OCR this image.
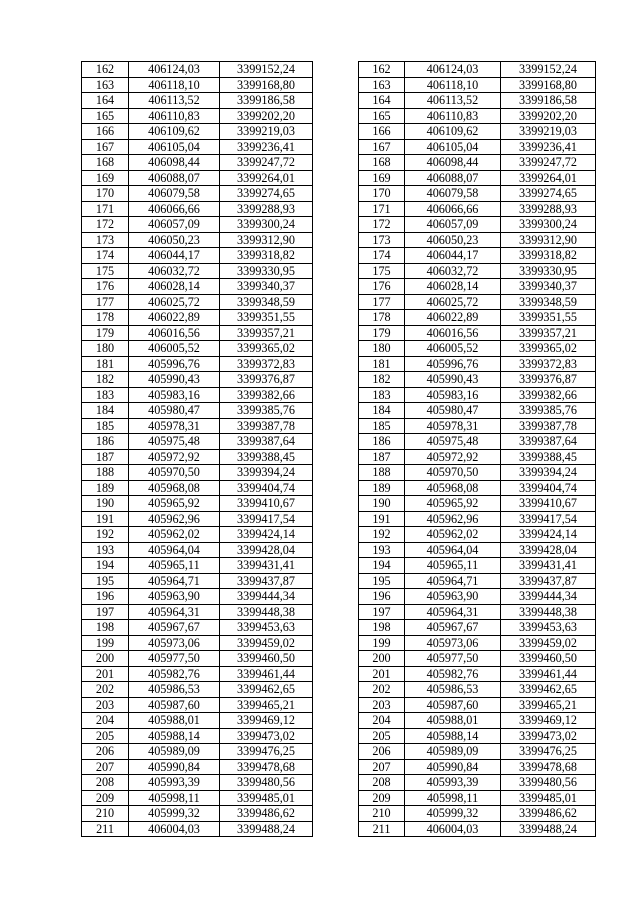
162	406124,03	3399152,24
163	406118,10	3399168,80
164	406113,52	3399186,58
165	406110,83	3399202,20
166	406109,62	3399219,03
167	406105,04	3399236,41
168	406098,44	3399247,72
169	406088,07	3399264,01
170	406079,58	3399274,65
171	406066,66	3399288,93
172	406057,09	3399300,24
173	406050,23	3399312,90
174	406044,17	3399318,82
175	406032,72	3399330,95
176	406028,14	3399340,37
177	406025,72	3399348,59
178	406022,89	3399351,55
179	406016,56	3399357,21
180	406005,52	3399365,02
181	405996,76	3399372,83
182	405990,43	3399376,87
183	405983,16	3399382,66
184	405980,47	3399385,76
185	405978,31	3399387,78
186	405975,48	3399387,64
187	405972,92	3399388,45
188	405970,50	3399394,24
189	405968,08	3399404,74
190	405965,92	3399410,67
191	405962,96	3399417,54
192	405962,02	3399424,14
193	405964,04	3399428,04
194	405965,11	3399431,41
195	405964,71	3399437,87
196	405963,90	3399444,34
197	405964,31	3399448,38
198	405967,67	3399453,63
199	405973,06	3399459,02
200	405977,50	3399460,50
201	405982,76	3399461,44
202	405986,53	3399462,65
203	405987,60	3399465,21
204	405988,01	3399469,12
205	405988,14	3399473,02
206	405989,09	3399476,25
207	405990,84	3399478,68
208	405993,39	3399480,56
209	405998,11	3399485,01
210	405999,32	3399486,62
211	406004,03	3399488,24
162	406124,03	3399152,24
163	406118,10	3399168,80
164	406113,52	3399186,58
165	406110,83	3399202,20
166	406109,62	3399219,03
167	406105,04	3399236,41
168	406098,44	3399247,72
169	406088,07	3399264,01
170	406079,58	3399274,65
171	406066,66	3399288,93
172	406057,09	3399300,24
173	406050,23	3399312,90
174	406044,17	3399318,82
175	406032,72	3399330,95
176	406028,14	3399340,37
177	406025,72	3399348,59
178	406022,89	3399351,55
179	406016,56	3399357,21
180	406005,52	3399365,02
181	405996,76	3399372,83
182	405990,43	3399376,87
183	405983,16	3399382,66
184	405980,47	3399385,76
185	405978,31	3399387,78
186	405975,48	3399387,64
187	405972,92	3399388,45
188	405970,50	3399394,24
189	405968,08	3399404,74
190	405965,92	3399410,67
191	405962,96	3399417,54
192	405962,02	3399424,14
193	405964,04	3399428,04
194	405965,11	3399431,41
195	405964,71	3399437,87
196	405963,90	3399444,34
197	405964,31	3399448,38
198	405967,67	3399453,63
199	405973,06	3399459,02
200	405977,50	3399460,50
201	405982,76	3399461,44
202	405986,53	3399462,65
203	405987,60	3399465,21
204	405988,01	3399469,12
205	405988,14	3399473,02
206	405989,09	3399476,25
207	405990,84	3399478,68
208	405993,39	3399480,56
209	405998,11	3399485,01
210	405999,32	3399486,62
211	406004,03	3399488,24
